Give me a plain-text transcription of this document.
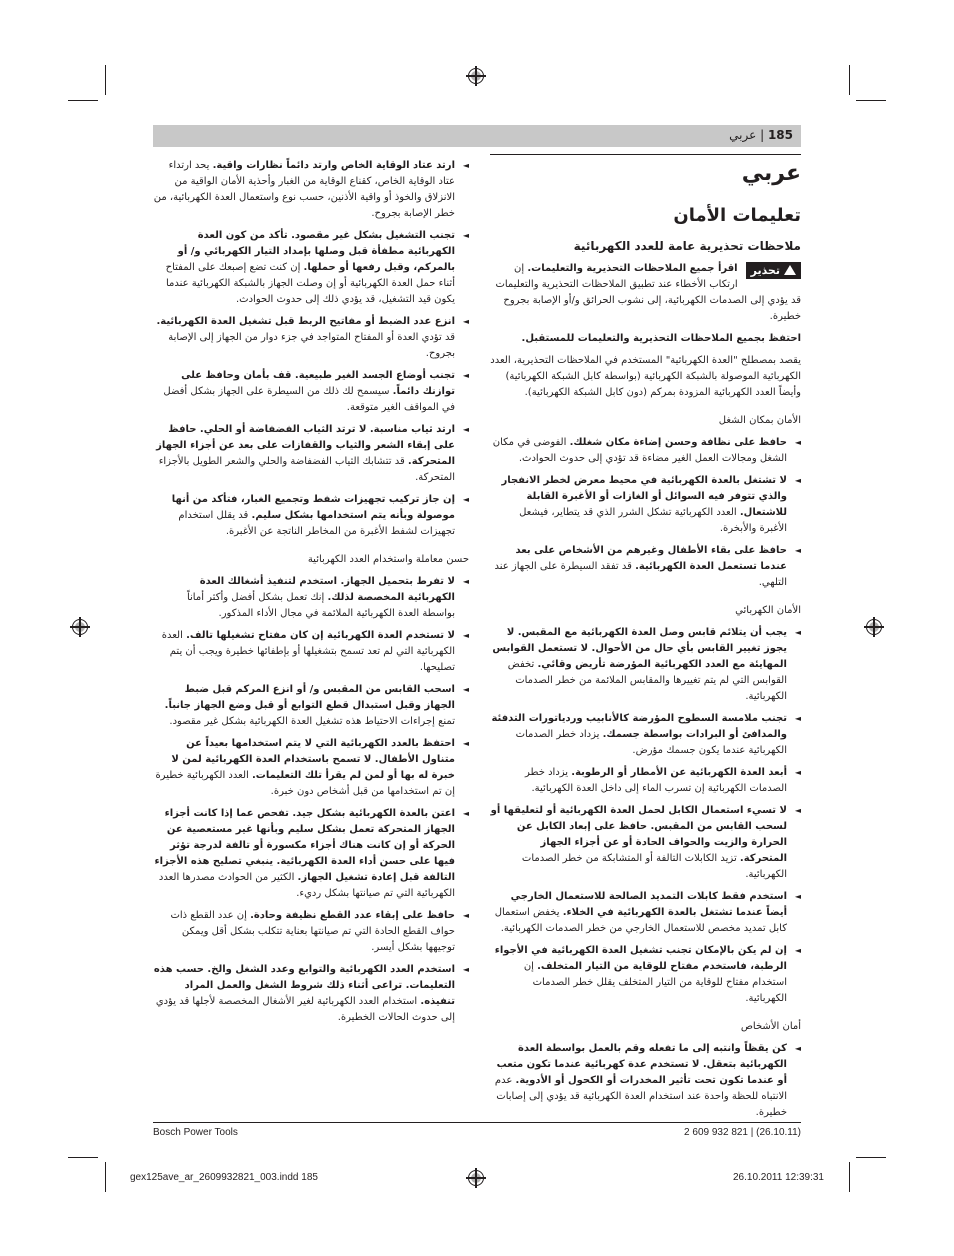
185 | عربي
عربي
تعليمات الأمان
ملاحظات تحذيرية عامة للعدد الكهربائية
تحذير
اقرأ جميع الملاحظات التحذيرية والتعليمات. إن ارتكاب الأخطاء عند تطبيق الملاحظات التحذيرية والتعليمات قد يؤدي إلى الصدمات الكهربائية، إلى نشوب الحرائق و/أو الإصابة بجروح خطيرة.
احتفظ بجميع الملاحظات التحذيرية والتعليمات للمستقبل.
يقصد بمصطلح "العدة الكهربائية" المستخدم في الملاحظات التحذيرية، العدد الكهربائية الموصولة بالشبكة الكهربائية (بواسطة كابل الشبكة الكهربائية) وأيضاً العدد الكهربائية المزودة بمركم (دون كابل الشبكة الكهربائية).
الأمان بمكان الشغل
◄
حافظ على نظافة وحسن إضاءة مكان شغلك. الفوضى في مكان الشغل ومجالات العمل الغير مضاءة قد تؤدي إلى حدوث الحوادث.
◄
لا تشتغل بالعدة الكهربائية في محيط معرض لخطر الانفجار والذي تتوفر فيه السوائل أو الغازات أو الأغبرة القابلة للاشتعال. العدد الكهربائية تشكل الشرر الذي قد يتطاير، فيشعل الأغبرة والأبخرة.
◄
حافظ على بقاء الأطفال وغيرهم من الأشخاص على بعد عندما تستعمل العدة الكهربائية. قد تفقد السيطرة على الجهاز عند التلهي.
الأمان الكهربائي
◄
يجب أن يتلائم قابس وصل العدة الكهربائية مع المقبس. لا يجوز تغيير القابس بأي حال من الأحوال. لا تستعمل القوابس المهايئة مع العدد الكهربائية المؤرضة تأريض وقائي. تخفض القوابس التي لم يتم تغييرها والمقابس الملائمة من خطر الصدمات الكهربائية.
◄
تجنب ملامسة السطوح المؤرضة كالأنابيب وردياتورات التدفئة والمدافئ أو البرادات بواسطة جسمك. يزداد خطر الصدمات الكهربائية عندما يكون جسمك مؤرض.
◄
أبعد العدة الكهربائية عن الأمطار أو الرطوبة. يزداد خطر الصدمات الكهربائية إن تسرب الماء إلى داخل العدة الكهربائية.
◄
لا تسيء استعمال الكابل لحمل العدة الكهربائية أو لتعليقها أو لسحب القابس من المقبس. حافظ على إبعاد الكابل عن الحرارة والزيت والحواف الحادة أو عن أجزاء الجهاز المتحركة. تزيد الكابلات التالفة أو المتشابكة من خطر الصدمات الكهربائية.
◄
استخدم فقط كابلات التمديد الصالحة للاستعمال الخارجي أيضاً عندما تشتغل بالعدة الكهربائية في الخلاء. يخفض استعمال كابل تمديد مخصص للاستعمال الخارجي من خطر الصدمات الكهربائية.
◄
إن لم يكن بالإمكان تجنب تشغيل العدة الكهربائية في الأجواء الرطبة، فاستخدم مفتاح للوقاية من التيار المتخلف. إن استخدام مفتاح للوقاية من التيار المتخلف يقلل خطر الصدمات الكهربائية.
أمان الأشخاص
◄
كن يقظاً وانتبه إلى ما تفعله وقم بالعمل بواسطة العدة الكهربائية بتعقل. لا تستخدم عدة كهربائية عندما تكون متعب أو عندما تكون تحت تأثير المخدرات أو الكحول أو الأدوية. عدم الانتباه للحظة واحدة عند استخدام العدة الكهربائية قد يؤدي إلى إصابات خطيرة.
◄
ارتد عتاد الوقاية الخاص وارتد دائماً نظارات واقية. يحد ارتداء عتاد الوقاية الخاص، كقناع الوقاية من الغبار وأحذية الأمان الواقية من الانزلاق والخوذ أو واقية الأذنين، حسب نوع واستعمال العدة الكهربائية، من خطر الإصابة بجروح.
◄
تجنب التشغيل بشكل غير مقصود. تأكد من كون العدة الكهربائية مطفأة قبل وصلها بإمداد التيار الكهربائي و/ أو بالمركم، وقبل رفعها أو حملها. إن كنت تضع إصبعك على المفتاح أثناء حمل العدة الكهربائية أو إن وصلت الجهاز بالشبكة الكهربائية عندما يكون قيد التشغيل، قد يؤدي ذلك إلى حدوث الحوادث.
◄
انزع عدد الضبط أو مفاتيح الربط قبل تشغيل العدة الكهربائية. قد تؤدي العدة أو المفتاح المتواجد في جزء دوار من الجهاز إلى الإصابة بجروح.
◄
تجنب أوضاع الجسد الغير طبيعية. قف بأمان وحافظ على توازنك دائماً. سيسمح لك ذلك من السيطرة على الجهاز بشكل أفضل في المواقف الغير متوقعة.
◄
ارتد ثياب مناسبة. لا ترتد الثياب الفضفاضة أو الحلي. حافظ على إبقاء الشعر والثياب والقفازات على بعد عن أجزاء الجهاز المتحركة. قد تتشابك الثياب الفضفاضة والحلي والشعر الطويل بالأجزاء المتحركة.
◄
إن جاز تركيب تجهيزات شفط وتجميع الغبار، فتأكد من أنها موصولة وبأنه يتم استخدامها بشكل سليم. قد يقلل استخدام تجهيزات لشفط الأغبرة من المخاطر الناتجة عن الأغبرة.
حسن معاملة واستخدام العدد الكهربائية
◄
لا تفرط بتحميل الجهاز. استخدم لتنفيذ أشغالك العدة الكهربائية المخصصة لذلك. إنك تعمل بشكل أفضل وأكثر أماناً بواسطة العدة الكهربائية الملائمة في مجال الأداء المذكور.
◄
لا تستخدم العدة الكهربائية إن كان مفتاح تشغيلها تالف. العدة الكهربائية التي لم تعد تسمح بتشغيلها أو بإطفائها خطيرة ويجب أن يتم تصليحها.
◄
اسحب القابس من المقبس و/ أو انزع المركم قبل ضبط الجهاز وقبل استبدال قطع التوابع أو قبل وضع الجهاز جانباً. تمنع إجراءات الاحتياط هذه تشغيل العدة الكهربائية بشكل غير مقصود.
◄
احتفظ بالعدد الكهربائية التي لا يتم استخدامها بعيداً عن متناول الأطفال. لا تسمح باستخدام العدة الكهربائية لمن لا خبرة له بها أو لمن لم يقرأ تلك التعليمات. العدد الكهربائية خطيرة إن تم استخدامها من قبل أشخاص دون خبرة.
◄
اعتن بالعدة الكهربائية بشكل جيد. تفحص عما إذا كانت أجزاء الجهاز المتحركة تعمل بشكل سليم وبأنها غير مستعصية عن الحركة أو إن كانت هناك أجزاء مكسورة أو تالفة لدرجة تؤثر فيها على حسن أداء العدة الكهربائية. ينبغي تصليح هذه الأجزاء التالفة قبل إعادة تشغيل الجهاز. الكثير من الحوادث مصدرها العدد الكهربائية التي تم صيانتها بشكل رديء.
◄
حافظ على إبقاء عدد القطع نظيفة وحادة. إن عدد القطع ذات حواف القطع الحادة التي تم صيانتها بعناية تتكلب بشكل أقل ويمكن توجيهها بشكل أيسر.
◄
استخدم العدد الكهربائية والتوابع وعدد الشغل والخ. حسب هذه التعليمات. تراعى أثناء ذلك شروط الشغل والعمل المراد تنفيذه. استخدام العدد الكهربائية لغير الأشغال المخصصة لأجلها قد يؤدي إلى حدوث الحالات الخطيرة.
Bosch Power Tools	2 609 932 821 | (26.10.11)
gex125ave_ar_2609932821_003.indd 185	26.10.2011 12:39:31
